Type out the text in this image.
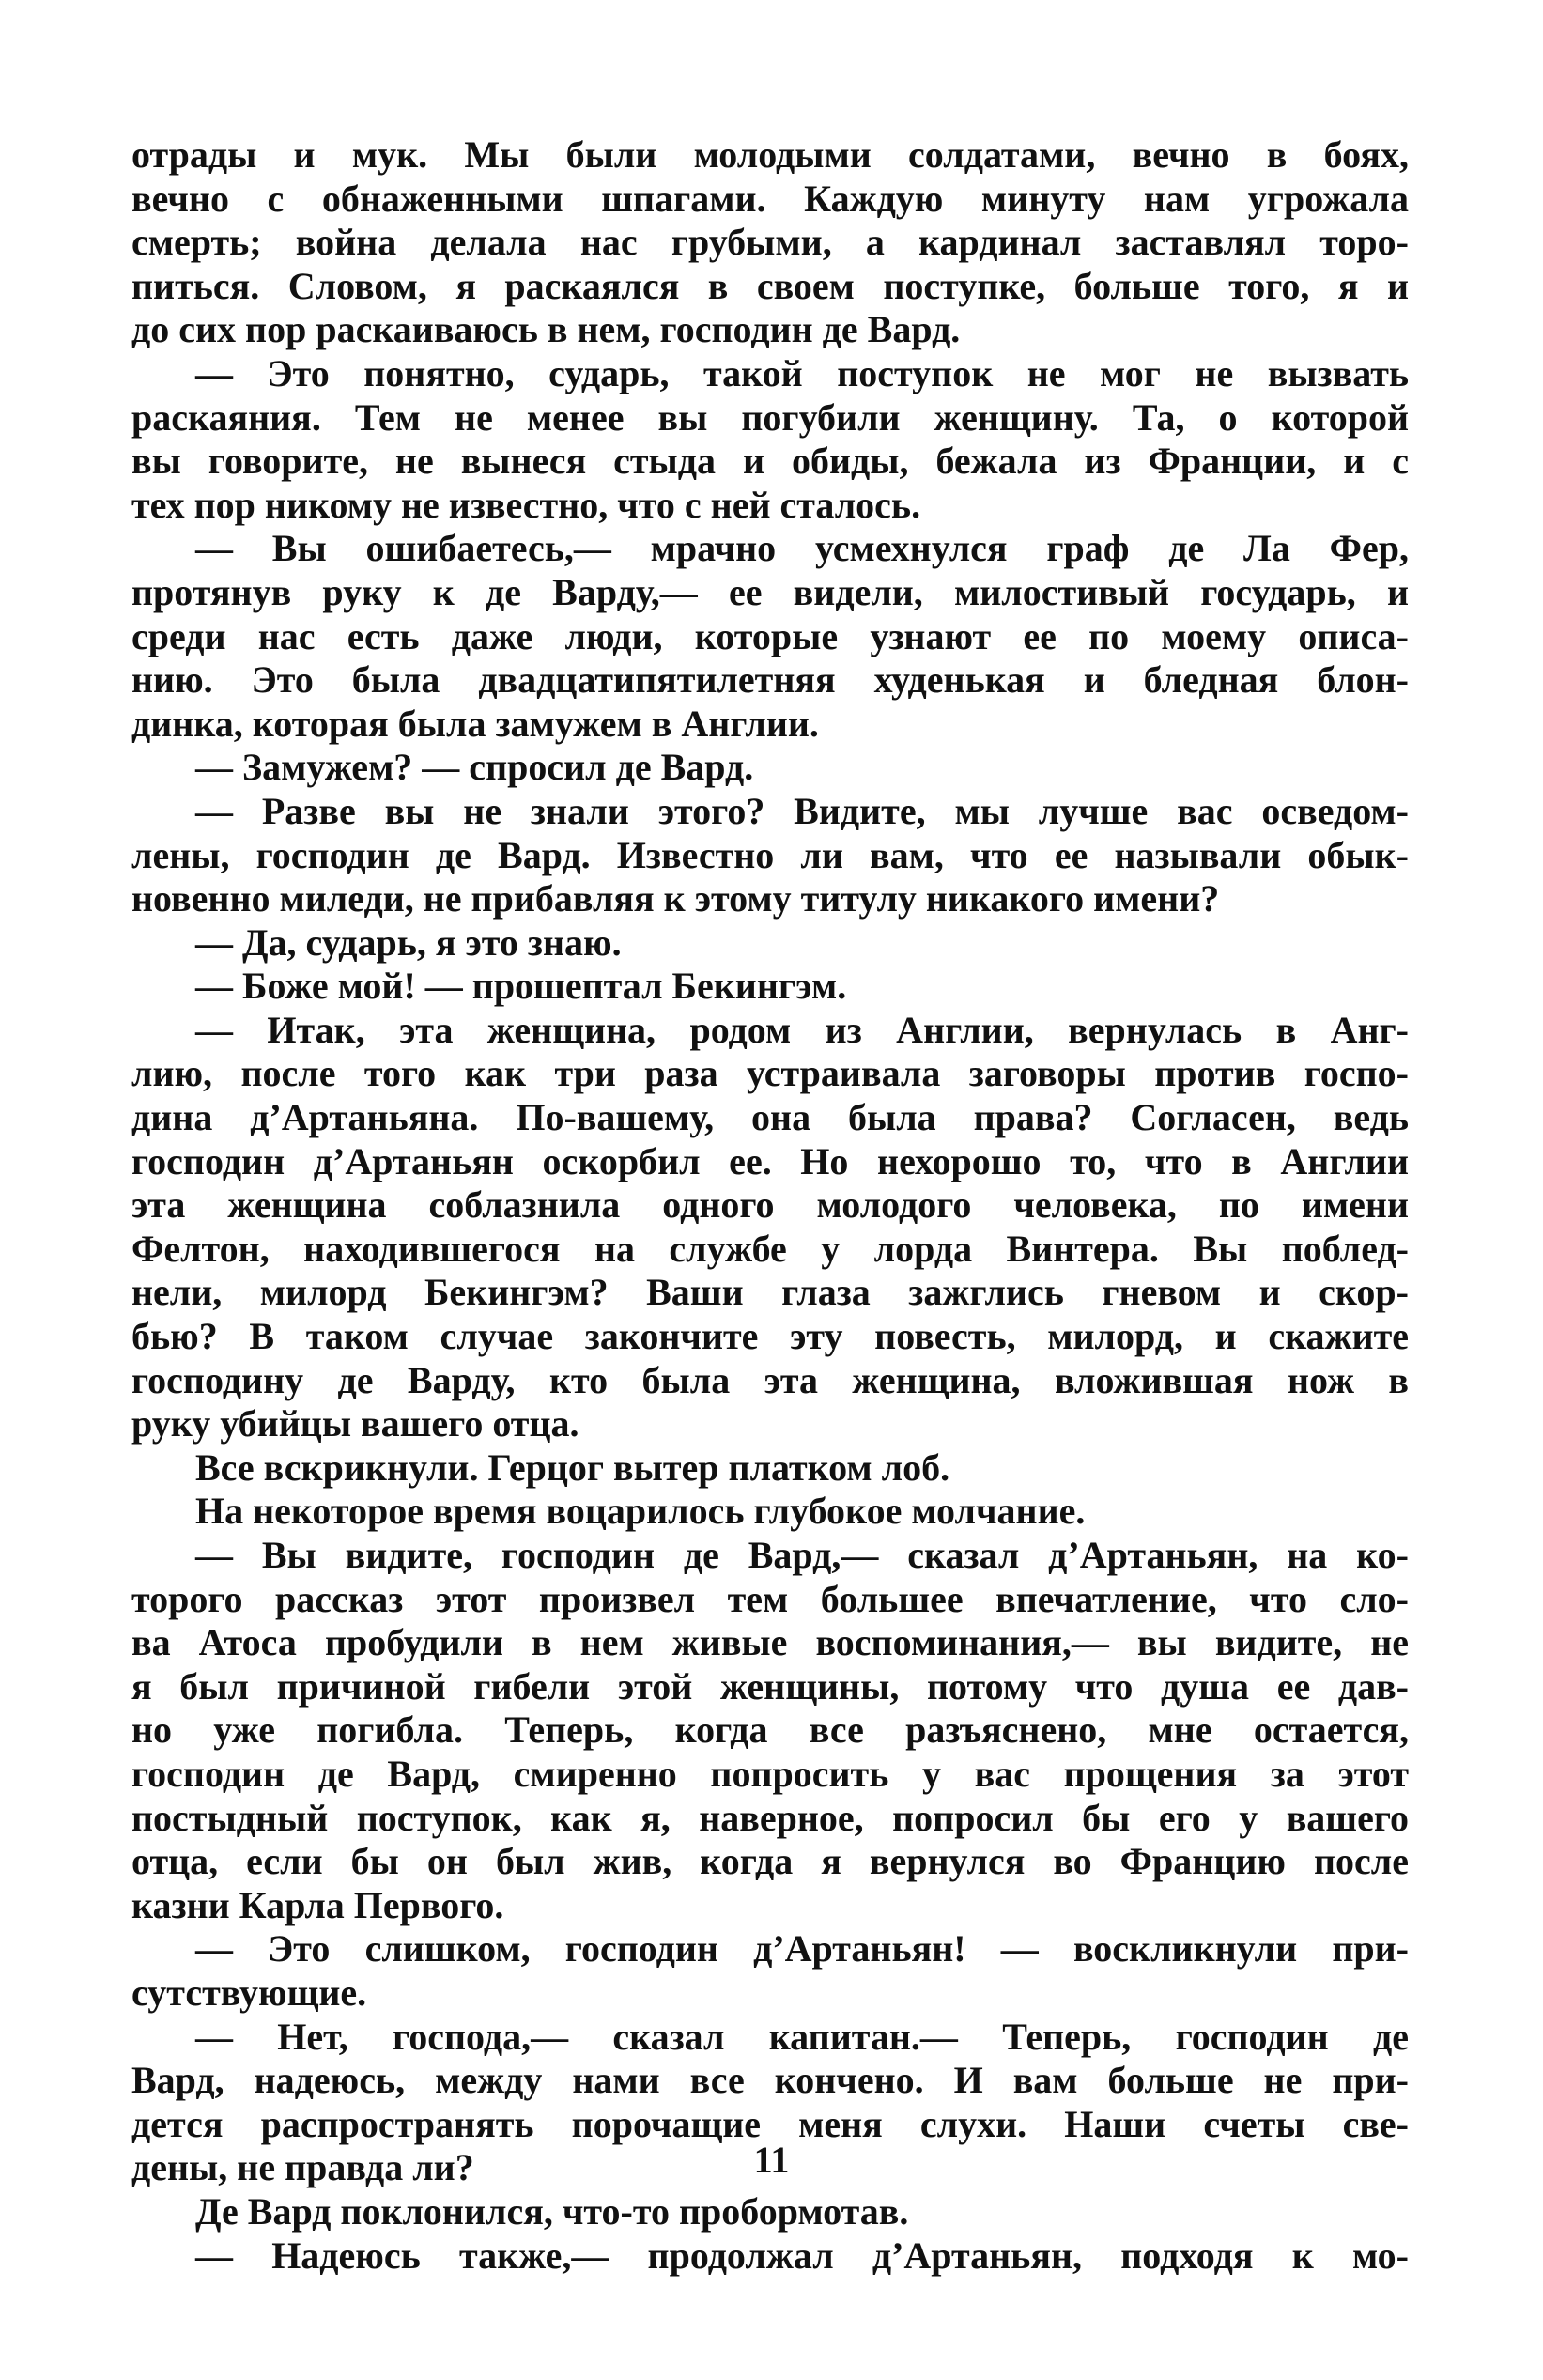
отрады и мук. Мы были молодыми солдатами, вечно в боях,
вечно с обнаженными шпагами. Каждую минуту нам угрожала
смерть; война делала нас грубыми, а кардинал заставлял торо-
питься. Словом, я раскаялся в своем поступке, больше того, я и
до сих пор раскаиваюсь в нем, господин де Вард.
— Это понятно, сударь, такой поступок не мог не вызвать
раскаяния. Тем не менее вы погубили женщину. Та, о которой
вы говорите, не вынеся стыда и обиды, бежала из Франции, и с
тех пор никому не известно, что с ней сталось.
— Вы ошибаетесь,— мрачно усмехнулся граф де Ла Фер,
протянув руку к де Варду,— ее видели, милостивый государь, и
среди нас есть даже люди, которые узнают ее по моему описа-
нию. Это была двадцатипятилетняя худенькая и бледная блон-
динка, которая была замужем в Англии.
— Замужем? — спросил де Вард.
— Разве вы не знали этого? Видите, мы лучше вас осведом-
лены, господин де Вард. Известно ли вам, что ее называли обык-
новенно миледи, не прибавляя к этому титулу никакого имени?
— Да, сударь, я это знаю.
— Боже мой! — прошептал Бекингэм.
— Итак, эта женщина, родом из Англии, вернулась в Анг-
лию, после того как три раза устраивала заговоры против госпо-
дина д’Артаньяна. По-вашему, она была права? Согласен, ведь
господин д’Артаньян оскорбил ее. Но нехорошо то, что в Англии
эта женщина соблазнила одного молодого человека, по имени
Фелтон, находившегося на службе у лорда Винтера. Вы поблед-
нели, милорд Бекингэм? Ваши глаза зажглись гневом и скор-
бью? В таком случае закончите эту повесть, милорд, и скажите
господину де Варду, кто была эта женщина, вложившая нож в
руку убийцы вашего отца.
Все вскрикнули. Герцог вытер платком лоб.
На некоторое время воцарилось глубокое молчание.
— Вы видите, господин де Вард,— сказал д’Артаньян, на ко-
торого рассказ этот произвел тем большее впечатление, что сло-
ва Атоса пробудили в нем живые воспоминания,— вы видите, не
я был причиной гибели этой женщины, потому что душа ее дав-
но уже погибла. Теперь, когда все разъяснено, мне остается,
господин де Вард, смиренно попросить у вас прощения за этот
постыдный поступок, как я, наверное, попросил бы его у вашего
отца, если бы он был жив, когда я вернулся во Францию после
казни Карла Первого.
— Это слишком, господин д’Артаньян! — воскликнули при-
сутствующие.
— Нет, господа,— сказал капитан.— Теперь, господин де
Вард, надеюсь, между нами все кончено. И вам больше не при-
дется распространять порочащие меня слухи. Наши счеты све-
дены, не правда ли?
Де Вард поклонился, что-то пробормотав.
— Надеюсь также,— продолжал д’Артаньян, подходя к мо-
11
